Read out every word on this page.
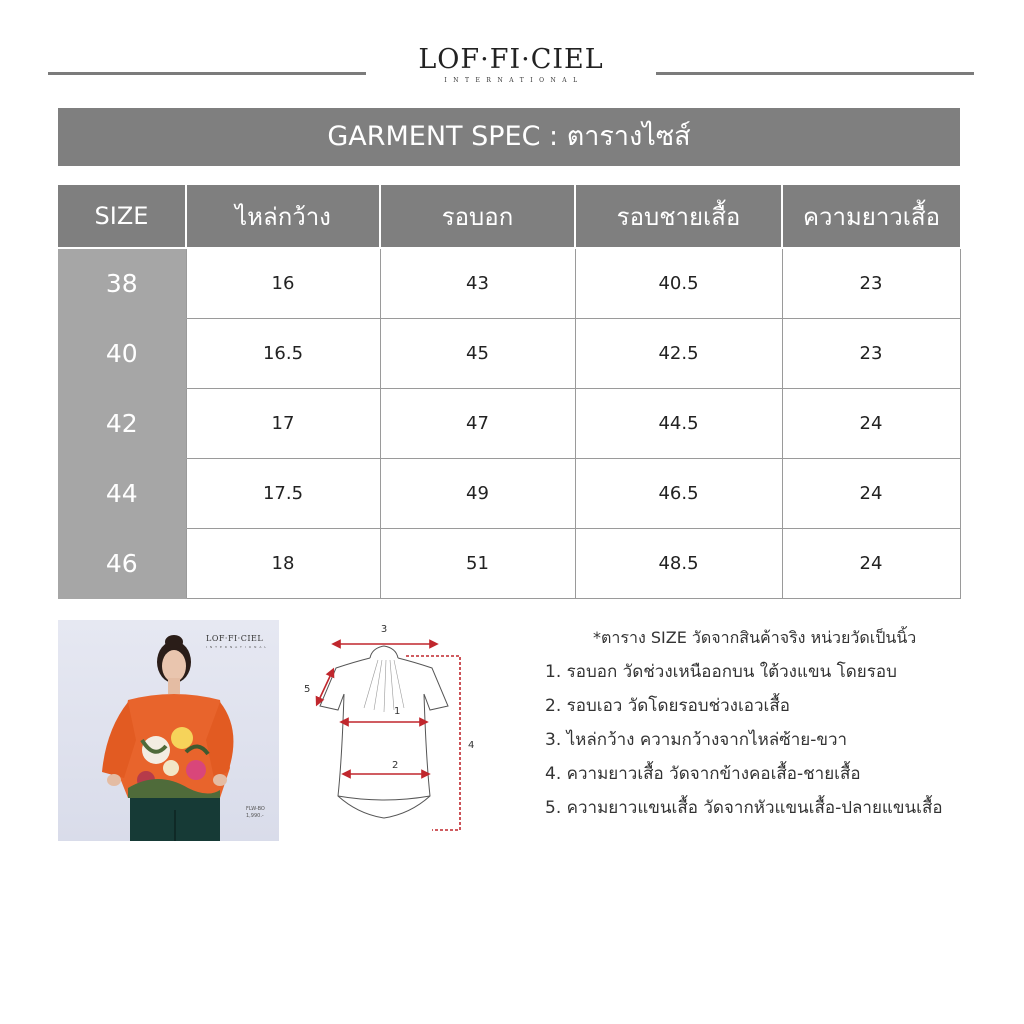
LOF·FI·CIEL
INTERNATIONAL
GARMENT SPEC : ตารางไซส์
SIZE	ไหล่กว้าง	รอบอก	รอบชายเสื้อ	ความยาวเสื้อ
38	16	43	40.5	23
40	16.5	45	42.5	23
42	17	47	44.5	24
44	17.5	49	46.5	24
46	18	51	48.5	24
LOF·FI·CIEL
INTERNATIONAL
FLW-BO
1,990.-
3
5
1
4
2
*ตาราง SIZE วัดจากสินค้าจริง หน่วยวัดเป็นนิ้ว
1. รอบอก วัดช่วงเหนืออกบน ใต้วงแขน โดยรอบ
2. รอบเอว วัดโดยรอบช่วงเอวเสื้อ
3. ไหล่กว้าง ความกว้างจากไหล่ซ้าย-ขวา
4. ความยาวเสื้อ วัดจากข้างคอเสื้อ-ชายเสื้อ
5. ความยาวแขนเสื้อ วัดจากหัวแขนเสื้อ-ปลายแขนเสื้อ
